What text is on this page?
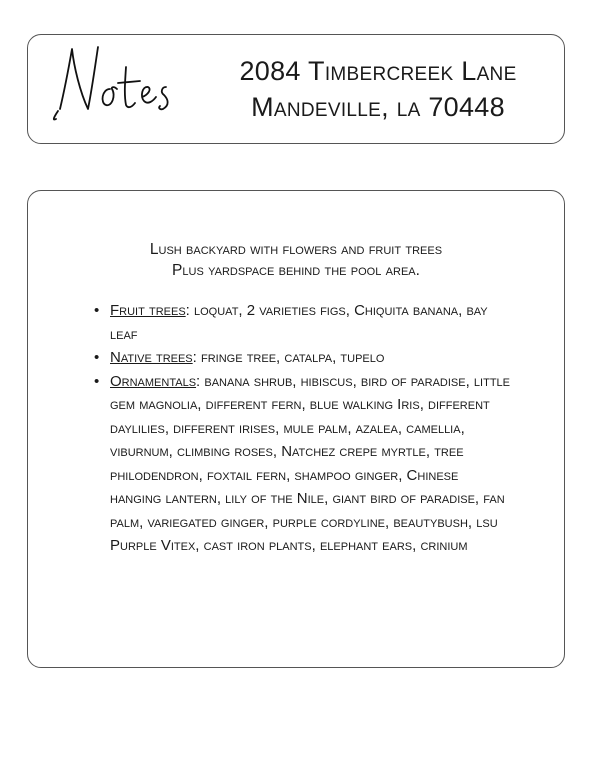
2084 Timbercreek Lane
Mandeville, la 70448
Lush backyard with flowers and fruit trees
Plus yardspace behind the pool area.
• Fruit trees: loquat, 2 varieties figs, Chiquita banana, bay leaf
• Native trees: fringe tree, catalpa, tupelo
• Ornamentals: banana shrub, hibiscus, bird of paradise, little gem magnolia, different fern, blue walking Iris, different daylilies, different irises, mule palm, azalea, camellia, viburnum, climbing roses, Natchez crepe myrtle, tree philodendron, foxtail fern, shampoo ginger, Chinese hanging lantern, lily of the Nile, giant bird of paradise, fan palm, variegated ginger, purple cordyline, beautybush, lsu Purple Vitex, cast iron plants, elephant ears, crinium
